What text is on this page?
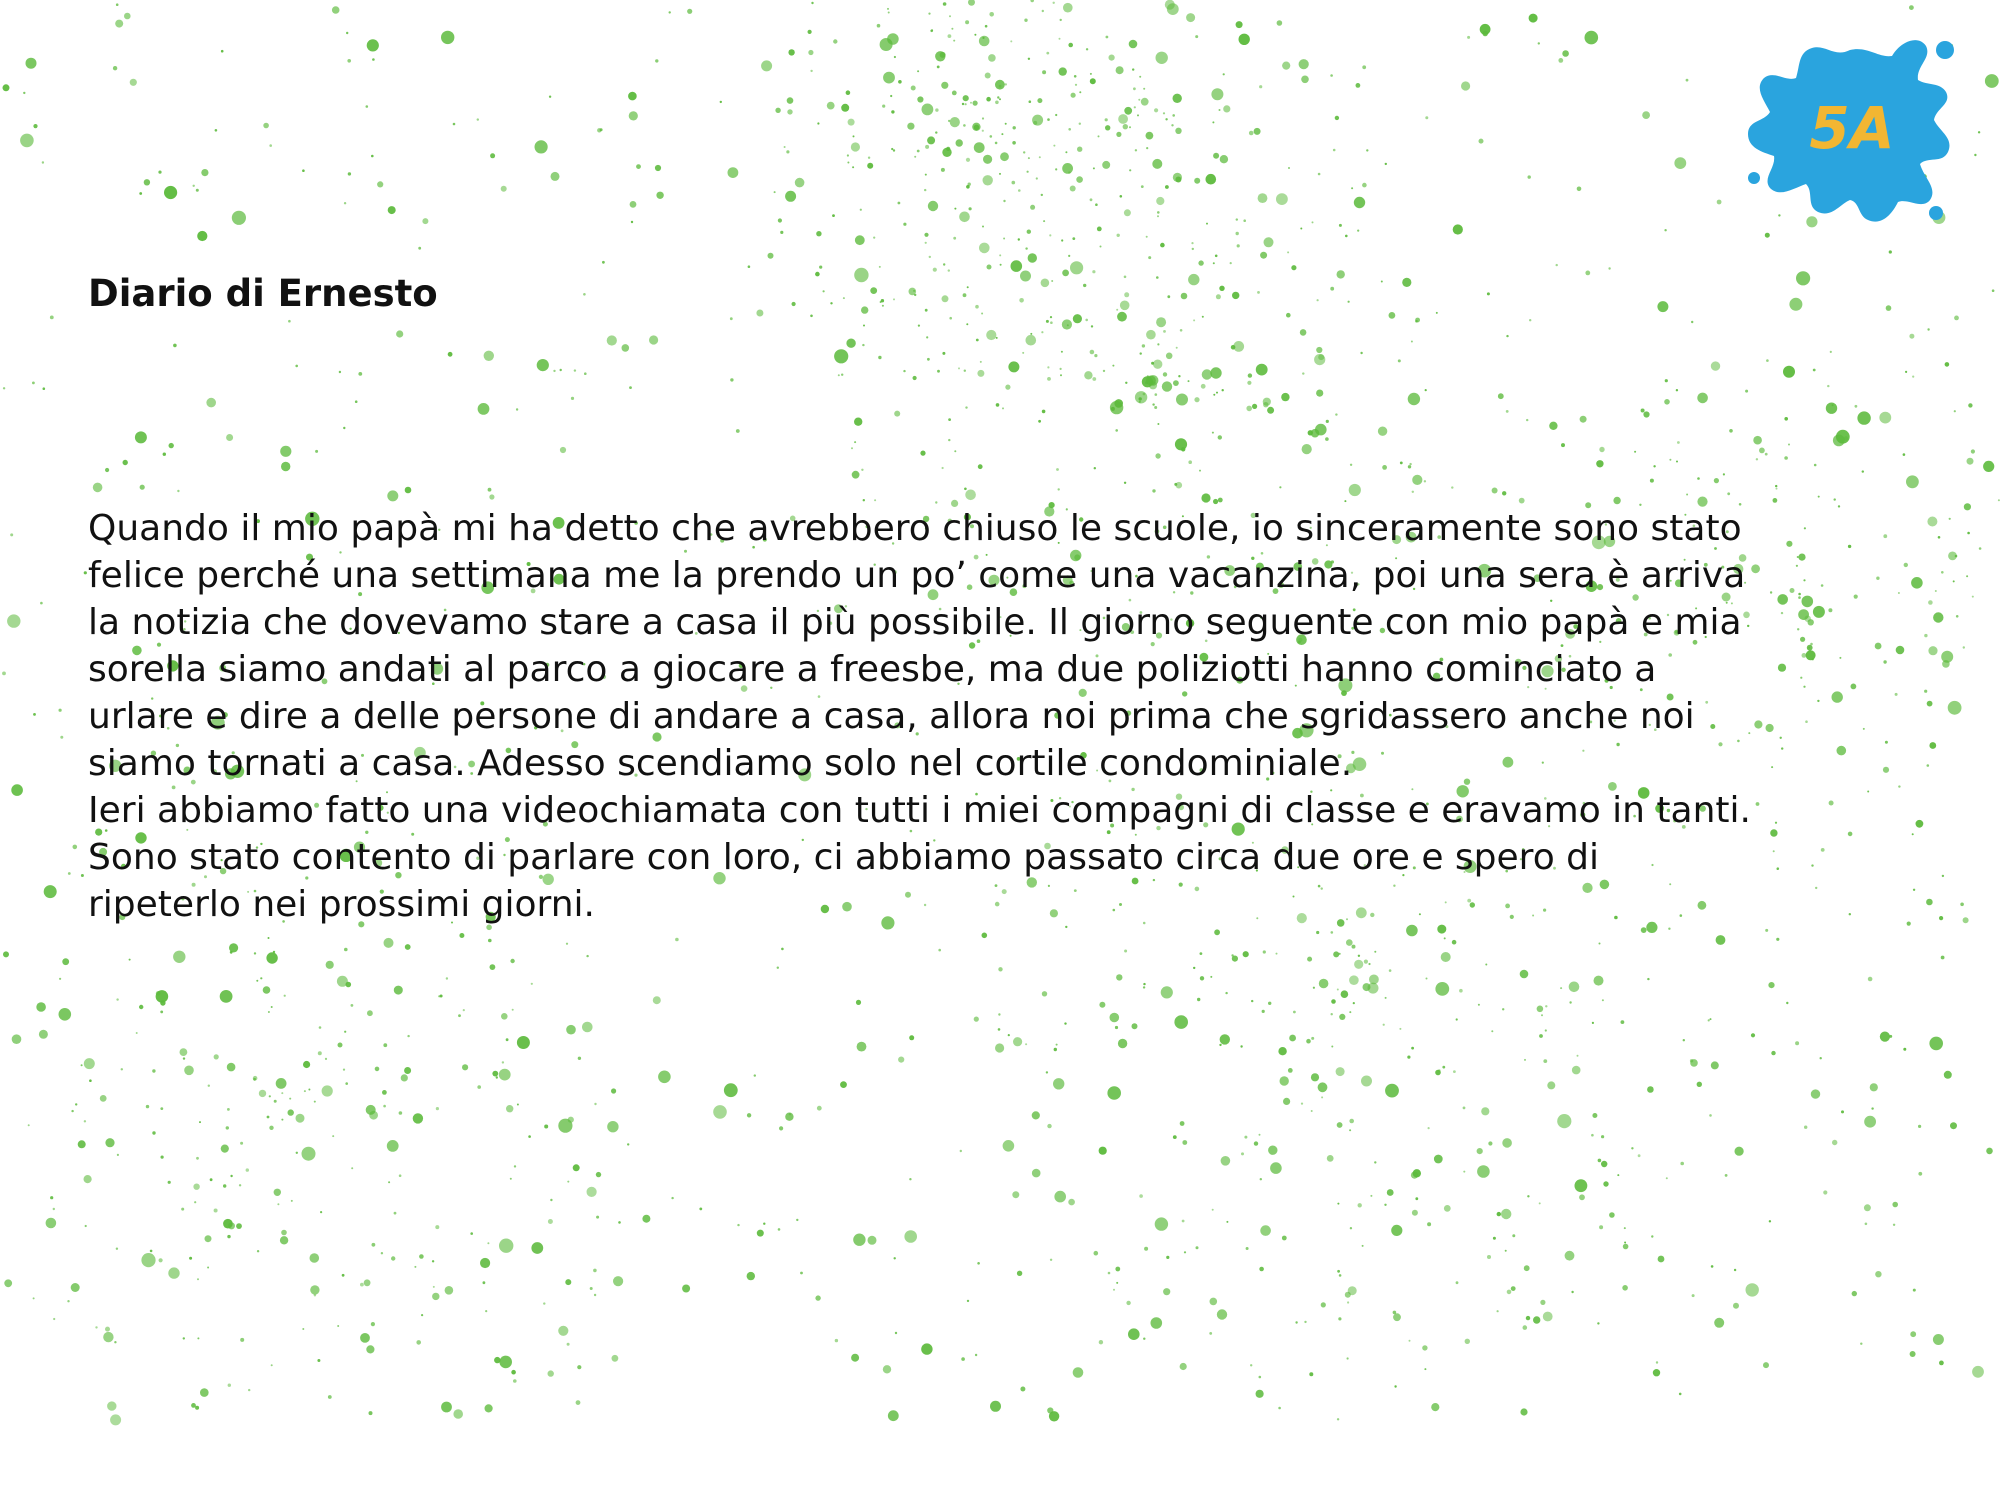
5A
Diario di Ernesto
Quando il mio papà mi ha detto che avrebbero chiuso le scuole, io sinceramente sono stato
felice perché una settimana me la prendo un po’ come una vacanzina, poi una sera è arriva
la notizia che dovevamo stare a casa il più possibile. Il giorno seguente con mio papà e mia
sorella siamo andati al parco a giocare a freesbe, ma due poliziotti hanno cominciato a
urlare e dire a delle persone di andare a casa, allora noi prima che sgridassero anche noi
siamo tornati a casa. Adesso scendiamo solo nel cortile condominiale.
Ieri abbiamo fatto una videochiamata con tutti i miei compagni di classe e eravamo in tanti.
Sono stato contento di parlare con loro, ci abbiamo passato circa due ore e spero di
ripeterlo nei prossimi giorni.
